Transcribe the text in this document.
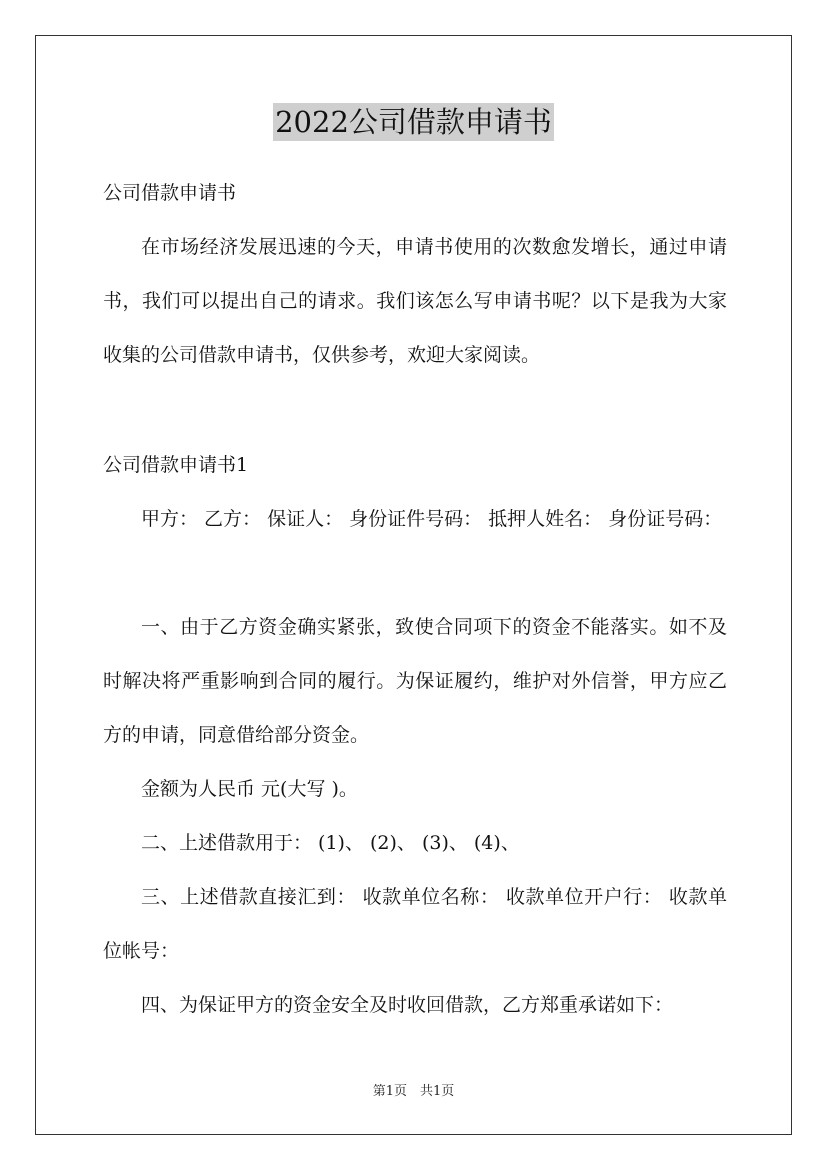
2022公司借款申请书
公司借款申请书
在市场经济发展迅速的今天，申请书使用的次数愈发增长，通过申请书，我们可以提出自己的请求。我们该怎么写申请书呢？以下是我为大家收集的公司借款申请书，仅供参考，欢迎大家阅读。
公司借款申请书1
甲方： 乙方： 保证人： 身份证件号码： 抵押人姓名： 身份证号码：
一、由于乙方资金确实紧张，致使合同项下的资金不能落实。如不及时解决将严重影响到合同的履行。为保证履约，维护对外信誉，甲方应乙方的申请，同意借给部分资金。
金额为人民币 元(大写 )。
二、上述借款用于： (1)、 (2)、 (3)、 (4)、
三、上述借款直接汇到： 收款单位名称： 收款单位开户行： 收款单位帐号：
四、为保证甲方的资金安全及时收回借款，乙方郑重承诺如下：
第1页　共1页
